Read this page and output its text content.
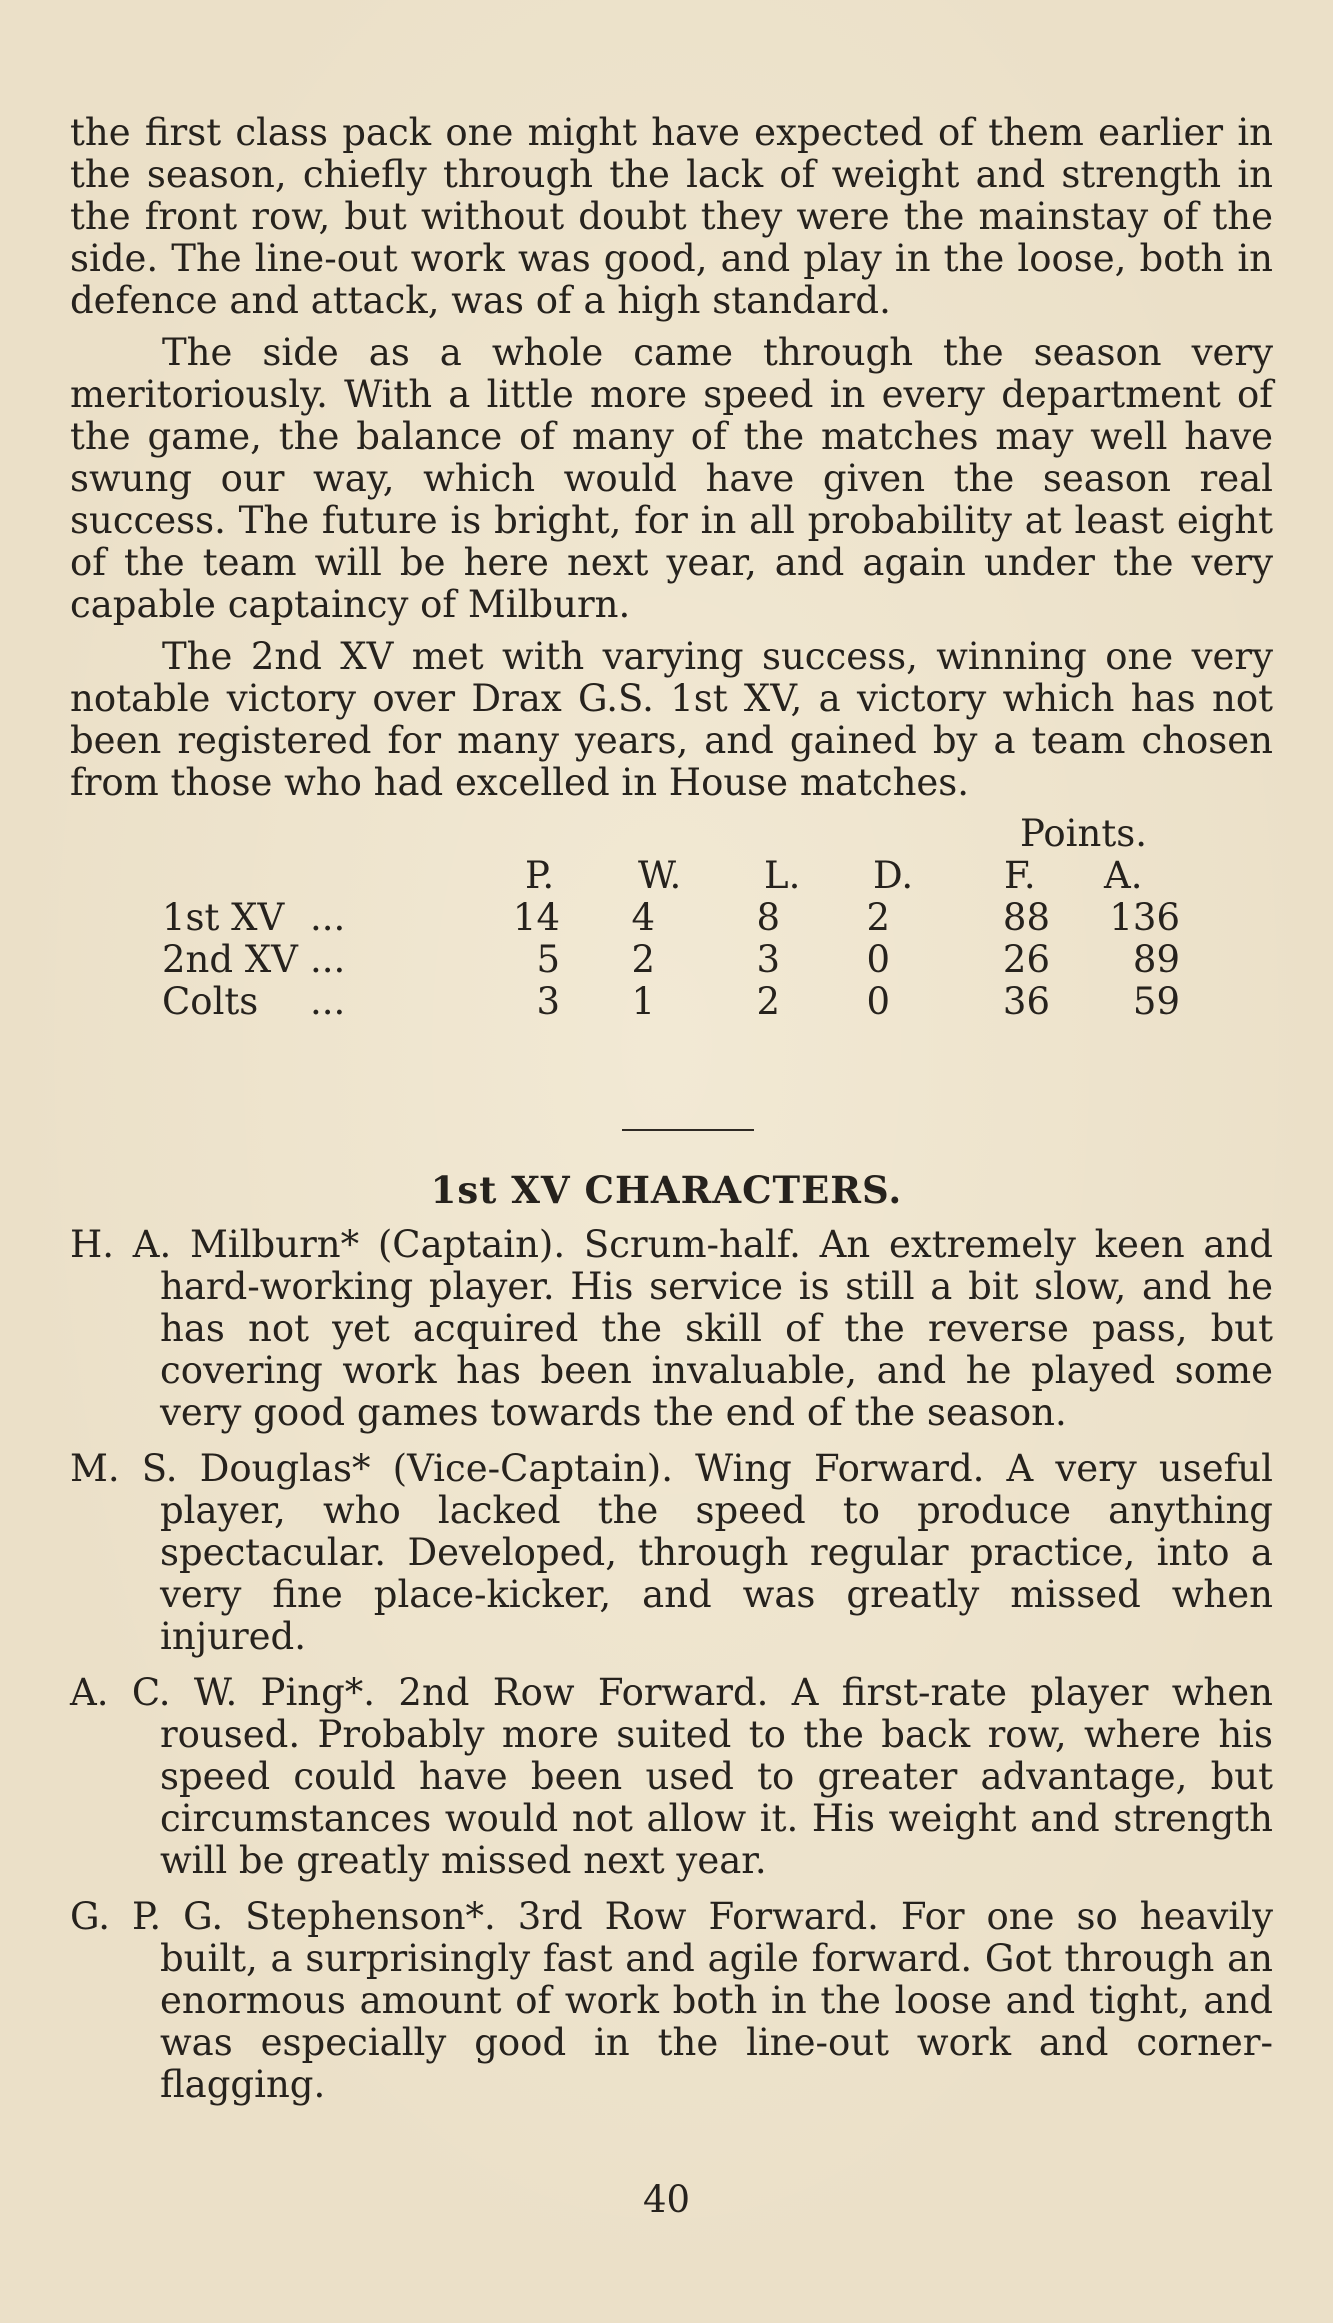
the first class pack one might have expected of them earlier in the season, chiefly through the lack of weight and strength in the front row, but without doubt they were the mainstay of the side. The line-out work was good, and play in the loose, both in defence and attack, was of a high standard.

The side as a whole came through the season very meritoriously. With a little more speed in every department of the game, the balance of many of the matches may well have swung our way, which would have given the season real success. The future is bright, for in all probability at least eight of the team will be here next year, and again under the very capable captaincy of Milburn.

The 2nd XV met with varying success, winning one very notable victory over Drax G.S. 1st XV, a victory which has not been registered for many years, and gained by a team chosen from those who had excelled in House matches.

Points.
P. W. L. D. F. A.
1st XV ...	14	4	8	2	88	136
2nd XV ...	5	2	3	0	26	89
Colts ...	3	1	2	0	36	59
1st XV CHARACTERS.

H. A. Milburn* (Captain). Scrum-half. An extremely keen and hard-working player. His service is still a bit slow, and he has not yet acquired the skill of the reverse pass, but covering work has been invaluable, and he played some very good games towards the end of the season.

M. S. Douglas* (Vice-Captain). Wing Forward. A very useful player, who lacked the speed to produce anything spectacular. Developed, through regular practice, into a very fine place-kicker, and was greatly missed when injured.

A. C. W. Ping*. 2nd Row Forward. A first-rate player when roused. Probably more suited to the back row, where his speed could have been used to greater advantage, but circumstances would not allow it. His weight and strength will be greatly missed next year.

G. P. G. Stephenson*. 3rd Row Forward. For one so heavily built, a surprisingly fast and agile forward. Got through an enormous amount of work both in the loose and tight, and was especially good in the line-out work and corner-flagging.

40
